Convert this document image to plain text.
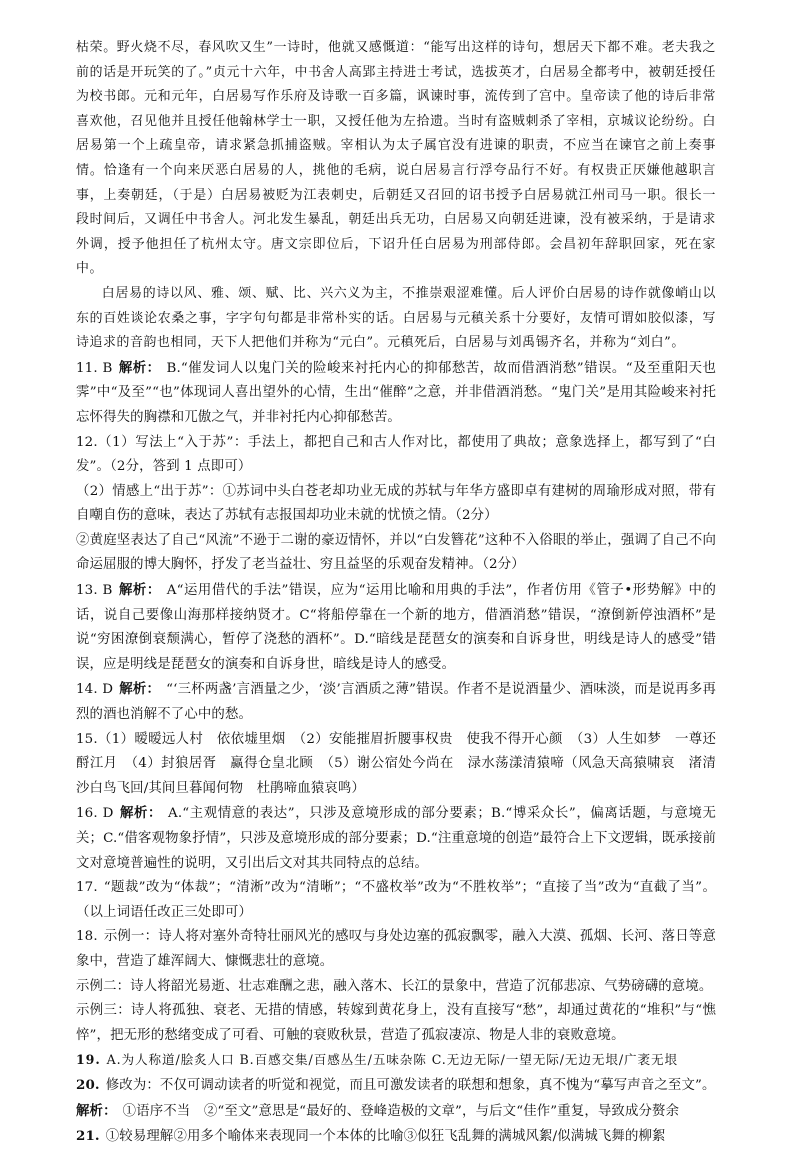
枯荣。野火烧不尽，春风吹又生”一诗时，他就又感慨道：“能写出这样的诗句，想居天下都不难。老夫我之前的话是开玩笑的了。”贞元十六年，中书舍人高郢主持进士考试，选拔英才，白居易全都考中，被朝廷授任为校书郎。元和元年，白居易写作乐府及诗歌一百多篇，讽谏时事，流传到了宫中。皇帝读了他的诗后非常喜欢他，召见他并且授任他翰林学士一职，又授任他为左拾遗。当时有盗贼刺杀了宰相，京城议论纷纷。白居易第一个上疏皇帝，请求紧急抓捕盗贼。宰相认为太子属官没有进谏的职责，不应当在谏官之前上奏事情。恰逢有一个向来厌恶白居易的人，挑他的毛病，说白居易言行浮夸品行不好。有权贵正厌嫌他越职言事，上奏朝廷，（于是）白居易被贬为江表刺史，后朝廷又召回的诏书授予白居易就江州司马一职。很长一段时间后，又调任中书舍人。河北发生暴乱，朝廷出兵无功，白居易又向朝廷进谏，没有被采纳，于是请求外调，授予他担任了杭州太守。唐文宗即位后，下诏升任白居易为刑部侍郎。会昌初年辞职回家，死在家中。

白居易的诗以风、雅、颂、赋、比、兴六义为主，不推崇艰涩难懂。后人评价白居易的诗作就像峭山以东的百姓谈论农桑之事，字字句句都是非常朴实的话。白居易与元稹关系十分要好，友情可谓如胶似漆，写诗追求的音韵也相同，天下人把他们并称为“元白”。元稹死后，白居易与刘禹锡齐名，并称为“刘白”。

11. B 解析： B.“催发词人以鬼门关的险峻来衬托内心的抑郁愁苦，故而借酒消愁”错误。“及至重阳天也霁”中“及至”“也”体现词人喜出望外的心情，生出“催醉”之意，并非借酒消愁。“鬼门关”是用其险峻来衬托忘怀得失的胸襟和兀傲之气，并非衬托内心抑郁愁苦。

12.（1）写法上“入于苏”：手法上，都把自己和古人作对比，都使用了典故；意象选择上，都写到了“白发”。（2分，答到 1 点即可）

（2）情感上“出于苏”：①苏词中头白苍老却功业无成的苏轼与年华方盛即卓有建树的周瑜形成对照，带有自嘲自伤的意味，表达了苏轼有志报国却功业未就的忧愤之情。（2分）

②黄庭坚表达了自己“风流”不逊于二谢的豪迈情怀，并以“白发簪花”这种不入俗眼的举止，强调了自己不向命运屈服的博大胸怀，抒发了老当益壮、穷且益坚的乐观奋发精神。（2分）

13. B 解析： A“运用借代的手法”错误，应为“运用比喻和用典的手法”，作者仿用《管子•形势解》中的话，说自己要像山海那样接纳贤才。C“将船停靠在一个新的地方，借酒消愁”错误，“潦倒新停浊酒杯”是说“穷困潦倒衰颓满心，暂停了浇愁的酒杯”。D.“暗线是琵琶女的演奏和自诉身世，明线是诗人的感受”错误，应是明线是琵琶女的演奏和自诉身世，暗线是诗人的感受。

14. D 解析： “‘三杯两盏’言酒量之少，‘淡’言酒质之薄”错误。作者不是说酒量少、酒味淡，而是说再多再烈的酒也消解不了心中的愁。

15.（1）暧暧远人村　依依墟里烟　（2）安能摧眉折腰事权贵　使我不得开心颜　（3）人生如梦　一尊还酹江月　（4）封狼居胥　赢得仓皇北顾　（5）谢公宿处今尚在　渌水荡漾清猿啼（风急天高猿啸哀　渚清沙白鸟飞回/其间旦暮闻何物　杜鹃啼血猿哀鸣）

16. D 解析： A.“主观情意的表达”，只涉及意境形成的部分要素；B.“博采众长”，偏离话题，与意境无关；C.“借客观物象抒情”，只涉及意境形成的部分要素；D.“注重意境的创造”最符合上下文逻辑，既承接前文对意境普遍性的说明，又引出后文对其共同特点的总结。

17. “题裁”改为“体裁”；“清淅”改为“清晰”；“不盛枚举”改为“不胜枚举”；“直接了当”改为“直截了当”。（以上词语任改正三处即可）

18. 示例一：诗人将对塞外奇特壮丽风光的感叹与身处边塞的孤寂飘零，融入大漠、孤烟、长河、落日等意象中，营造了雄浑阔大、慷慨悲壮的意境。

示例二：诗人将韶光易逝、壮志难酬之悲，融入落木、长江的景象中，营造了沉郁悲凉、气势磅礴的意境。

示例三：诗人将孤独、衰老、无措的情感，转嫁到黄花身上，没有直接写“愁”，却通过黄花的“堆积”与“憔悴”，把无形的愁绪变成了可看、可触的衰败秋景，营造了孤寂凄凉、物是人非的衰败意境。

19. A.为人称道/脍炙人口 B.百感交集/百感丛生/五味杂陈 C.无边无际/一望无际/无边无垠/广袤无垠

20. 修改为：不仅可调动读者的听觉和视觉，而且可激发读者的联想和想象，真不愧为“摹写声音之至文”。

解析： ①语序不当　②“至文”意思是“最好的、登峰造极的文章”，与后文“佳作”重复，导致成分赘余

21. ①较易理解②用多个喻体来表现同一个本体的比喻③似狂飞乱舞的满城风絮/似满城飞舞的柳絮
